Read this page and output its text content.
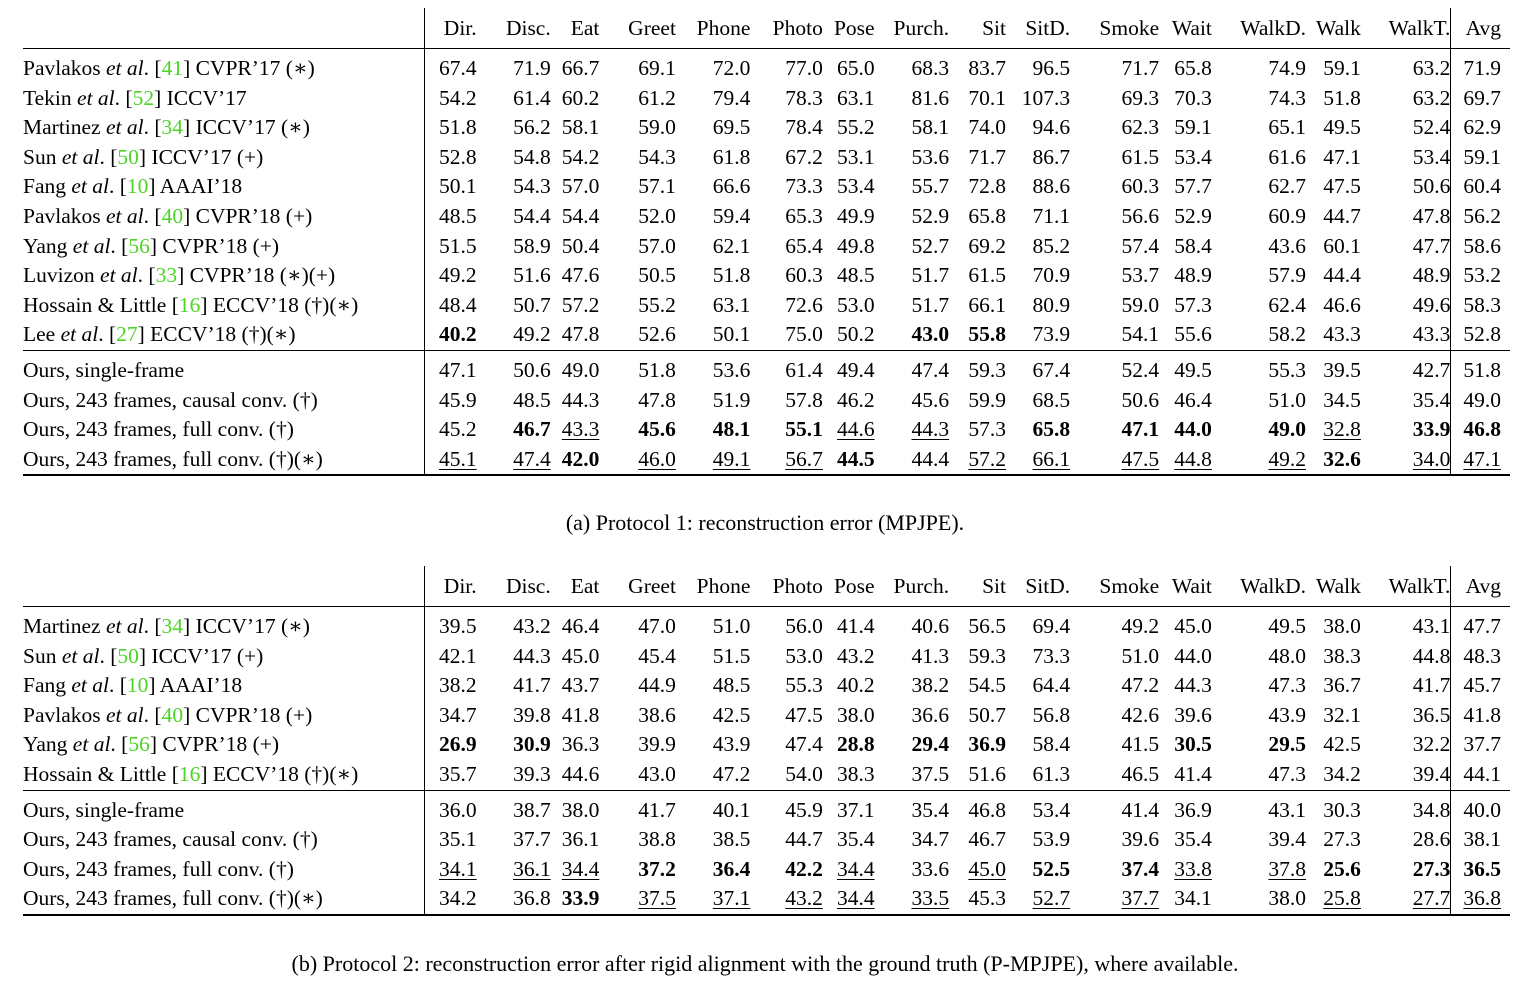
	Dir.	Disc.	Eat	Greet	Phone	Photo	Pose	Purch.	Sit	SitD.	Smoke	Wait	WalkD.	Walk	WalkT.	Avg
Pavlakos et al. [41] CVPR’17 (∗)	67.4	71.9	66.7	69.1	72.0	77.0	65.0	68.3	83.7	96.5	71.7	65.8	74.9	59.1	63.2	71.9
Tekin et al. [52] ICCV’17	54.2	61.4	60.2	61.2	79.4	78.3	63.1	81.6	70.1	107.3	69.3	70.3	74.3	51.8	63.2	69.7
Martinez et al. [34] ICCV’17 (∗)	51.8	56.2	58.1	59.0	69.5	78.4	55.2	58.1	74.0	94.6	62.3	59.1	65.1	49.5	52.4	62.9
Sun et al. [50] ICCV’17 (+)	52.8	54.8	54.2	54.3	61.8	67.2	53.1	53.6	71.7	86.7	61.5	53.4	61.6	47.1	53.4	59.1
Fang et al. [10] AAAI’18	50.1	54.3	57.0	57.1	66.6	73.3	53.4	55.7	72.8	88.6	60.3	57.7	62.7	47.5	50.6	60.4
Pavlakos et al. [40] CVPR’18 (+)	48.5	54.4	54.4	52.0	59.4	65.3	49.9	52.9	65.8	71.1	56.6	52.9	60.9	44.7	47.8	56.2
Yang et al. [56] CVPR’18 (+)	51.5	58.9	50.4	57.0	62.1	65.4	49.8	52.7	69.2	85.2	57.4	58.4	43.6	60.1	47.7	58.6
Luvizon et al. [33] CVPR’18 (∗)(+)	49.2	51.6	47.6	50.5	51.8	60.3	48.5	51.7	61.5	70.9	53.7	48.9	57.9	44.4	48.9	53.2
Hossain & Little [16] ECCV’18 (†)(∗)	48.4	50.7	57.2	55.2	63.1	72.6	53.0	51.7	66.1	80.9	59.0	57.3	62.4	46.6	49.6	58.3
Lee et al. [27] ECCV’18 (†)(∗)	40.2	49.2	47.8	52.6	50.1	75.0	50.2	43.0	55.8	73.9	54.1	55.6	58.2	43.3	43.3	52.8
Ours, single-frame	47.1	50.6	49.0	51.8	53.6	61.4	49.4	47.4	59.3	67.4	52.4	49.5	55.3	39.5	42.7	51.8
Ours, 243 frames, causal conv. (†)	45.9	48.5	44.3	47.8	51.9	57.8	46.2	45.6	59.9	68.5	50.6	46.4	51.0	34.5	35.4	49.0
Ours, 243 frames, full conv. (†)	45.2	46.7	43.3	45.6	48.1	55.1	44.6	44.3	57.3	65.8	47.1	44.0	49.0	32.8	33.9	46.8
Ours, 243 frames, full conv. (†)(∗)	45.1	47.4	42.0	46.0	49.1	56.7	44.5	44.4	57.2	66.1	47.5	44.8	49.2	32.6	34.0	47.1
(a) Protocol 1: reconstruction error (MPJPE).
	Dir.	Disc.	Eat	Greet	Phone	Photo	Pose	Purch.	Sit	SitD.	Smoke	Wait	WalkD.	Walk	WalkT.	Avg
Martinez et al. [34] ICCV’17 (∗)	39.5	43.2	46.4	47.0	51.0	56.0	41.4	40.6	56.5	69.4	49.2	45.0	49.5	38.0	43.1	47.7
Sun et al. [50] ICCV’17 (+)	42.1	44.3	45.0	45.4	51.5	53.0	43.2	41.3	59.3	73.3	51.0	44.0	48.0	38.3	44.8	48.3
Fang et al. [10] AAAI’18	38.2	41.7	43.7	44.9	48.5	55.3	40.2	38.2	54.5	64.4	47.2	44.3	47.3	36.7	41.7	45.7
Pavlakos et al. [40] CVPR’18 (+)	34.7	39.8	41.8	38.6	42.5	47.5	38.0	36.6	50.7	56.8	42.6	39.6	43.9	32.1	36.5	41.8
Yang et al. [56] CVPR’18 (+)	26.9	30.9	36.3	39.9	43.9	47.4	28.8	29.4	36.9	58.4	41.5	30.5	29.5	42.5	32.2	37.7
Hossain & Little [16] ECCV’18 (†)(∗)	35.7	39.3	44.6	43.0	47.2	54.0	38.3	37.5	51.6	61.3	46.5	41.4	47.3	34.2	39.4	44.1
Ours, single-frame	36.0	38.7	38.0	41.7	40.1	45.9	37.1	35.4	46.8	53.4	41.4	36.9	43.1	30.3	34.8	40.0
Ours, 243 frames, causal conv. (†)	35.1	37.7	36.1	38.8	38.5	44.7	35.4	34.7	46.7	53.9	39.6	35.4	39.4	27.3	28.6	38.1
Ours, 243 frames, full conv. (†)	34.1	36.1	34.4	37.2	36.4	42.2	34.4	33.6	45.0	52.5	37.4	33.8	37.8	25.6	27.3	36.5
Ours, 243 frames, full conv. (†)(∗)	34.2	36.8	33.9	37.5	37.1	43.2	34.4	33.5	45.3	52.7	37.7	34.1	38.0	25.8	27.7	36.8
(b) Protocol 2: reconstruction error after rigid alignment with the ground truth (P-MPJPE), where available.
